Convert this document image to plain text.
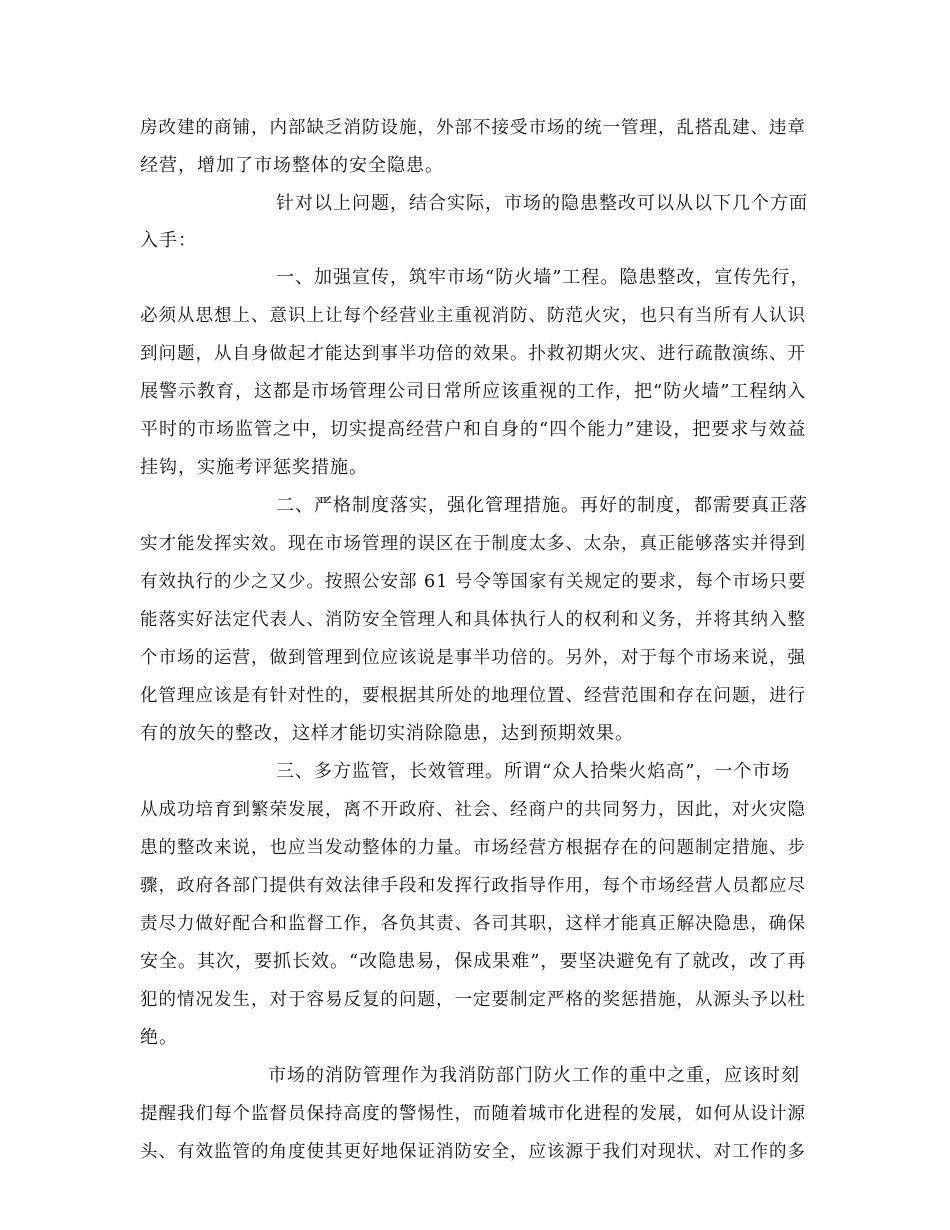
房改建的商铺，内部缺乏消防设施，外部不接受市场的统一管理，乱搭乱建、违章
经营，增加了市场整体的安全隐患。
针对以上问题，结合实际，市场的隐患整改可以从以下几个方面
入手：
一、加强宣传，筑牢市场“防火墙”工程。隐患整改，宣传先行，
必须从思想上、意识上让每个经营业主重视消防、防范火灾，也只有当所有人认识
到问题，从自身做起才能达到事半功倍的效果。扑救初期火灾、进行疏散演练、开
展警示教育，这都是市场管理公司日常所应该重视的工作，把“防火墙”工程纳入
平时的市场监管之中，切实提高经营户和自身的“四个能力”建设，把要求与效益
挂钩，实施考评惩奖措施。
二、严格制度落实，强化管理措施。再好的制度，都需要真正落
实才能发挥实效。现在市场管理的误区在于制度太多、太杂，真正能够落实并得到
有效执行的少之又少。按照公安部 61 号令等国家有关规定的要求，每个市场只要
能落实好法定代表人、消防安全管理人和具体执行人的权利和义务，并将其纳入整
个市场的运营，做到管理到位应该说是事半功倍的。另外，对于每个市场来说，强
化管理应该是有针对性的，要根据其所处的地理位置、经营范围和存在问题，进行
有的放矢的整改，这样才能切实消除隐患，达到预期效果。
三、多方监管，长效管理。所谓“众人拾柴火焰高”，一个市场
从成功培育到繁荣发展，离不开政府、社会、经商户的共同努力，因此，对火灾隐
患的整改来说，也应当发动整体的力量。市场经营方根据存在的问题制定措施、步
骤，政府各部门提供有效法律手段和发挥行政指导作用，每个市场经营人员都应尽
责尽力做好配合和监督工作，各负其责、各司其职，这样才能真正解决隐患，确保
安全。其次，要抓长效。“改隐患易，保成果难”，要坚决避免有了就改，改了再
犯的情况发生，对于容易反复的问题，一定要制定严格的奖惩措施，从源头予以杜
绝。
市场的消防管理作为我消防部门防火工作的重中之重，应该时刻
提醒我们每个监督员保持高度的警惕性，而随着城市化进程的发展，如何从设计源
头、有效监管的角度使其更好地保证消防安全，应该源于我们对现状、对工作的多
